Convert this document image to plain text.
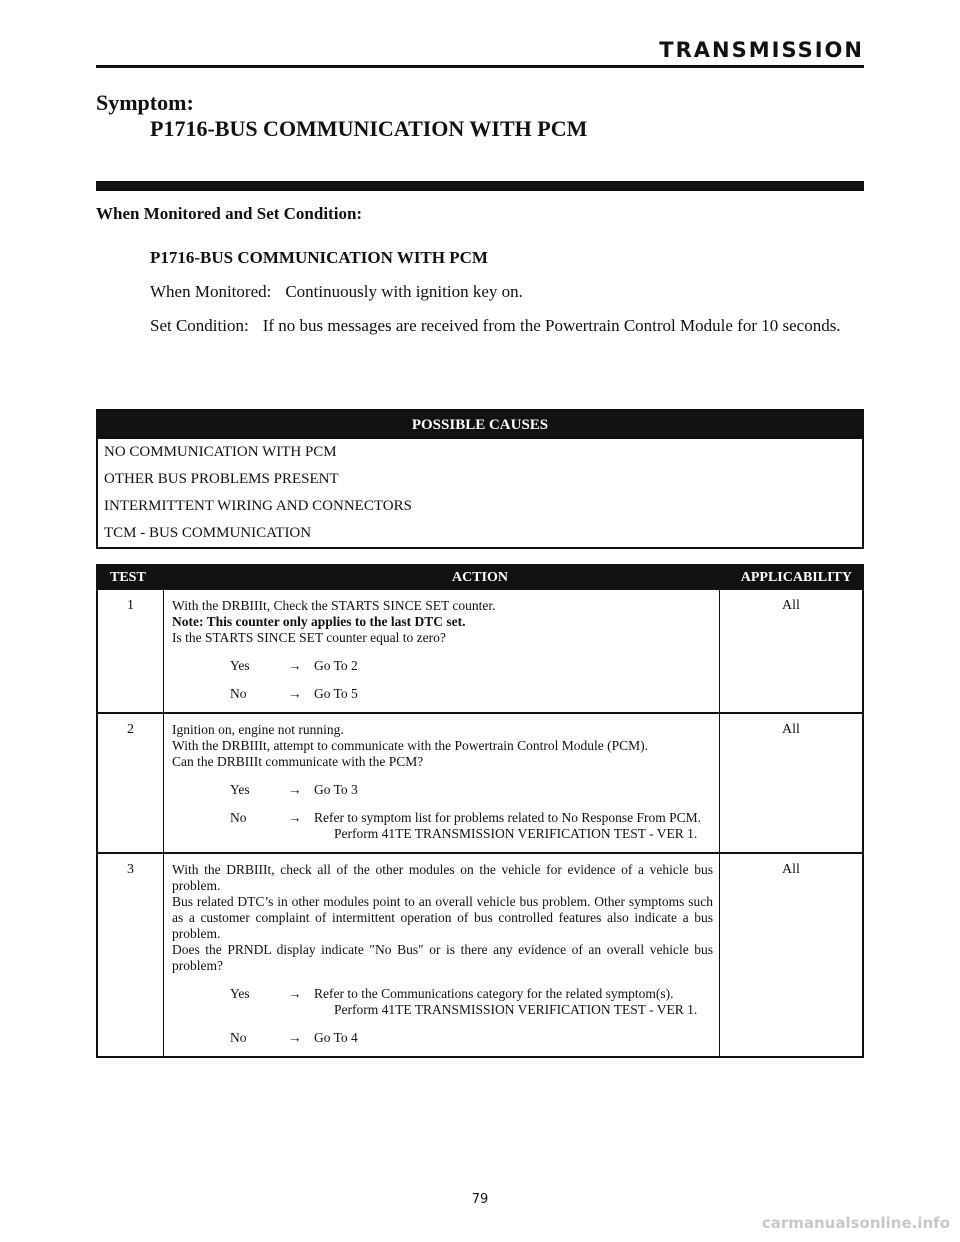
TRANSMISSION
Symptom:
P1716-BUS COMMUNICATION WITH PCM
When Monitored and Set Condition:

P1716-BUS COMMUNICATION WITH PCM

When Monitored: Continuously with ignition key on.

Set Condition: If no bus messages are received from the Powertrain Control Module for 10 seconds.

POSSIBLE CAUSES
NO COMMUNICATION WITH PCM
OTHER BUS PROBLEMS PRESENT
INTERMITTENT WIRING AND CONNECTORS
TCM - BUS COMMUNICATION
ACTION
TEST	APPLICABILITY
1	With the DRBIIIt, Check the STARTS SINCE SET counter.
Note: This counter only applies to the last DTC set.
Is the STARTS SINCE SET counter equal to zero?
Yes	→ Go To 2
No	→ Go To 5
All
2	Ignition on, engine not running.
With the DRBIIIt, attempt to communicate with the Powertrain Control Module (PCM).
Can the DRBIIIt communicate with the PCM?
Yes	→ Go To 3
No	→ Refer to symptom list for problems related to No Response From PCM.
Perform 41TE TRANSMISSION VERIFICATION TEST - VER 1.
All
3	With the DRBIIIt, check all of the other modules on the vehicle for evidence of a vehicle bus problem.
Bus related DTC’s in other modules point to an overall vehicle bus problem. Other symptoms such as a customer complaint of intermittent operation of bus controlled features also indicate a bus problem.
Does the PRNDL display indicate ″No Bus″ or is there any evidence of an overall vehicle bus problem?
Yes	→ Refer to the Communications category for the related symptom(s).
Perform 41TE TRANSMISSION VERIFICATION TEST - VER 1.
No	→ Go To 4
All
79
carmanualsonline.info
